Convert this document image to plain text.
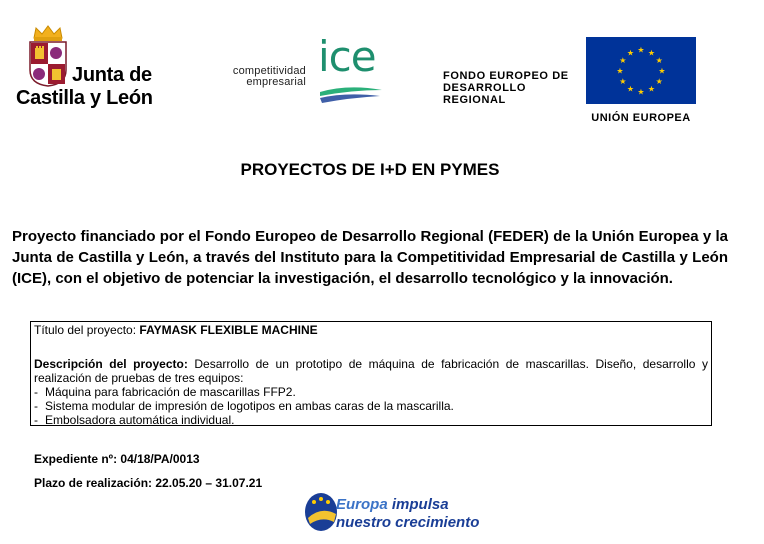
Junta de
Castilla y León
competitividad
empresarial
ice	FONDO EUROPEO DE
DESARROLLO
REGIONAL
★ ★
★
★
★
★
★
★
★
★
★
★
UNIÓN EUROPEA
PROYECTOS DE I+D EN PYMES
Proyecto financiado por el Fondo Europeo de Desarrollo Regional (FEDER) de la Unión Europea y la Junta de Castilla y León, a través del Instituto para la Competitividad Empresarial de Castilla y León (ICE), con el objetivo de potenciar la investigación, el desarrollo tecnológico y la innovación.

Título del proyecto: FAYMASK FLEXIBLE MACHINE

Descripción del proyecto: Desarrollo de un prototipo de máquina de fabricación de mascarillas. Diseño, desarrollo y realización de pruebas de tres equipos:

- Máquina para fabricación de mascarillas FFP2.
- Sistema modular de impresión de logotipos en ambas caras de la mascarilla.
- Embolsadora automática individual.
Expediente nº: 04/18/PA/0013
Plazo de realización: 22.05.20 – 31.07.21
Europa impulsa
nuestro crecimiento
